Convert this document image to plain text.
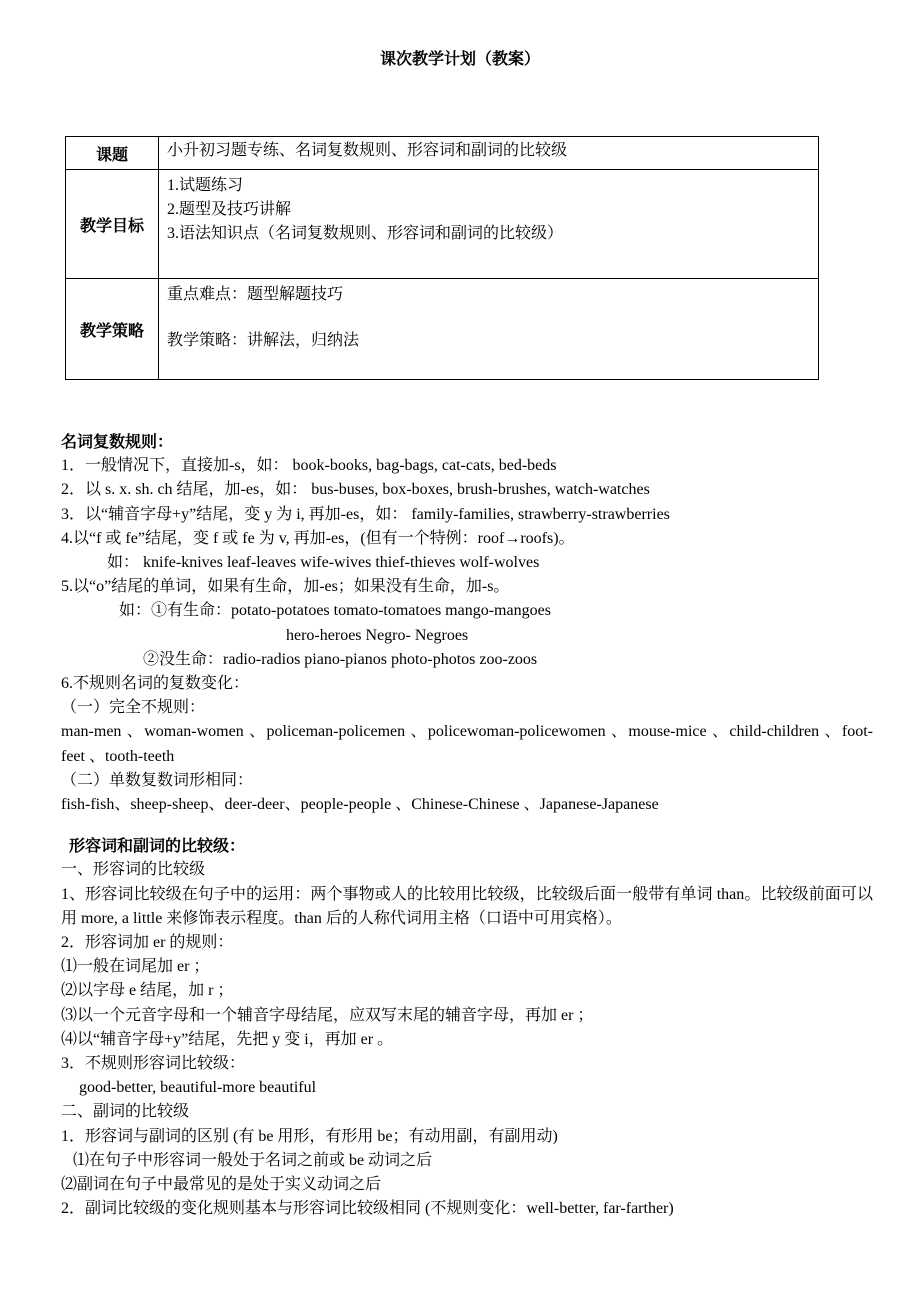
课次教学计划（教案）
课题	小升初习题专练、名词复数规则、形容词和副词的比较级
教学目标	1.试题练习
2.题型及技巧讲解
3.语法知识点（名词复数规则、形容词和副词的比较级）

教学策略	重点难点：题型解题技巧
教学策略：讲解法，归纳法
名词复数规则：
1．一般情况下，直接加-s，如： book-books, bag-bags, cat-cats, bed-beds
2．以 s. x. sh. ch 结尾，加-es，如： bus-buses, box-boxes, brush-brushes, watch-watches
3．以“辅音字母+y”结尾，变 y 为 i, 再加-es，如： family-families, strawberry-strawberries
4.以“f 或 fe”结尾，变 f 或 fe 为 v, 再加-es，(但有一个特例：roof→roofs)。
如： knife-knives leaf-leaves wife-wives thief-thieves wolf-wolves
5.以“o”结尾的单词，如果有生命，加-es；如果没有生命，加-s。
如：①有生命：potato-potatoes tomato-tomatoes mango-mangoes
hero-heroes Negro- Negroes
②没生命：radio-radios piano-pianos photo-photos zoo-zoos
6.不规则名词的复数变化：
（一）完全不规则：
man-men 、woman-women 、policeman-policemen 、policewoman-policewomen 、mouse-mice 、child-children 、foot-feet 、tooth-teeth
（二）单数复数词形相同：
fish-fish、sheep-sheep、deer-deer、people-people 、Chinese-Chinese 、Japanese-Japanese
形容词和副词的比较级：
一、形容词的比较级
1、形容词比较级在句子中的运用：两个事物或人的比较用比较级，比较级后面一般带有单词 than。比较级前面可以用 more, a little 来修饰表示程度。than 后的人称代词用主格（口语中可用宾格）。
2．形容词加 er 的规则：
⑴一般在词尾加 er ；
⑵以字母 e 结尾，加 r ；
⑶以一个元音字母和一个辅音字母结尾，应双写末尾的辅音字母，再加 er ；
⑷以“辅音字母+y”结尾，先把 y 变 i，再加 er 。
3．不规则形容词比较级：
good-better, beautiful-more beautiful
二、副词的比较级
1．形容词与副词的区别 (有 be 用形，有形用 be；有动用副，有副用动)
⑴在句子中形容词一般处于名词之前或 be 动词之后
⑵副词在句子中最常见的是处于实义动词之后
2．副词比较级的变化规则基本与形容词比较级相同 (不规则变化：well-better, far-farther)
